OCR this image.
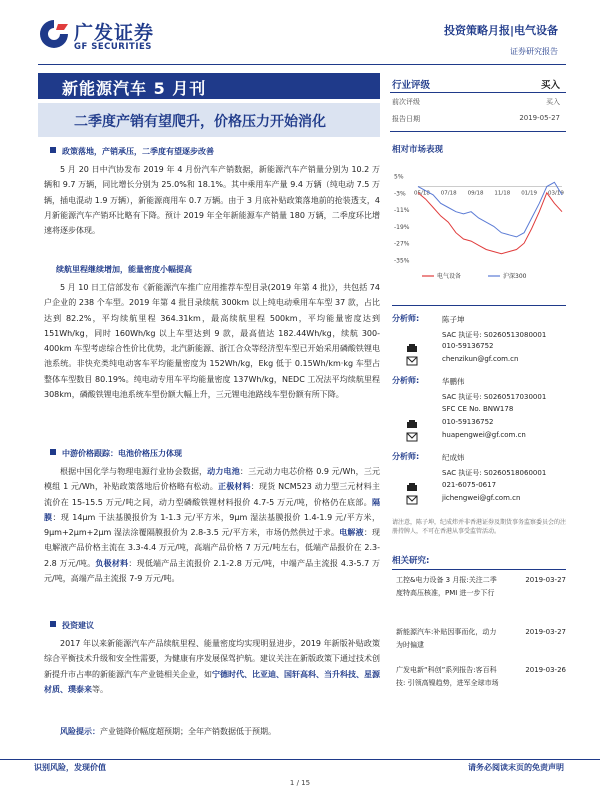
广发证券
GF SECURITIES
投资策略月报|电气设备
证券研究报告
新能源汽车 5 月刊
二季度产销有望爬升，价格压力开始消化
行业评级	买入
前次评级	买入
报告日期	2019-05-27
相对市场表现
5%
-3%
-11%
-19%
-27%
-35%
05/18 07/18 09/18 11/18 01/19 03/19
电气设备	沪深300
分析师:	陈子坤
SAC 执证号: S0260513080001
010-59136752
chenzikun@gf.com.cn
分析师:	华鹏伟
SAC 执证号: S0260517030001
SFC CE No. BNW178
010-59136752
huapengwei@gf.com.cn
分析师:	纪成炜
SAC 执证号: S0260518060001
021-6075-0617
jichengwei@gf.com.cn
请注意，陈子坤，纪成炜并非香港证券及期货事务监察委员会的注册持牌人，不可在香港从事受监管活动。
相关研究:
工控&电力设备 3 月报:关注二季度特高压核准，PMI 进一步下行
2019-03-27
新能源汽车:补贴因事而化，动力为时偏逮
2019-03-27
广发电新“科创”系列报告:客百科技: 引领高镍趋势，进军全球市场
2019-03-26
政策落地，产销承压，二季度有望逐步改善
5 月 20 日中汽协发布 2019 年 4 月份汽车产销数据，新能源汽车产销量分别为 10.2 万辆和 9.7 万辆，同比增长分别为 25.0%和 18.1%。其中乘用车产量 9.4 万辆（纯电动 7.5 万辆，插电混动 1.9 万辆），新能源商用车 0.7 万辆。由于 3 月底补贴政策落地前的抢装透支，4 月新能源汽车产销环比略有下降。预计 2019 年全年新能源车产销量 180 万辆，二季度环比增速将逐步体现。
续航里程继续增加，能量密度小幅提高
5 月 10 日工信部发布《新能源汽车推广应用推荐车型目录(2019 年第 4 批)》，共包括 74 户企业的 238 个车型。2019 年第 4 批目录续航 300km 以上纯电动乘用车车型 37 款，占比达到 82.2%，平均续航里程 364.31km，最高续航里程 500km，平均能量密度达到 151Wh/kg，同时 160Wh/kg 以上车型达到 9 款，最高值达 182.44Wh/kg，续航 300-400km 车型考虑综合性价比优势，北汽新能源、浙江合众等经济型车型已开始采用磷酸铁锂电池系统。非快充类纯电动客车平均能量密度为 152Wh/kg，Ekg 低于 0.15Wh/km·kg 车型占整体车型数目 80.19%。纯电动专用车平均能量密度 137Wh/kg，NEDC 工况法平均续航里程 308km，磷酸铁锂电池系统车型份额大幅上升，三元锂电池路线车型份额有所下降。
中游价格跟踪：电池价格压力体现
根据中国化学与物理电源行业协会数据，动力电池：三元动力电芯价格 0.9 元/Wh，三元模组 1 元/Wh，补贴政策落地后价格略有松动。正极材料：现货 NCM523 动力型三元材料主流价在 15-15.5 万元/吨之间，动力型磷酸铁锂材料报价 4.7-5 万元/吨，价格仍在底部。隔膜：现 14μm 干法基膜报价为 1-1.3 元/平方米，9μm 湿法基膜报价 1.4-1.9 元/平方米，9μm+2μm+2μm 湿法涂覆隔膜报价为 2.8-3.5 元/平方米，市场仍然供过于求。电解液：现电解液产品价格主流在 3.3-4.4 万元/吨，高端产品价格 7 万元/吨左右，低端产品报价在 2.3-2.8 万元/吨。负极材料：现低端产品主流报价 2.1-2.8 万元/吨，中端产品主流报 4.3-5.7 万元/吨，高端产品主流报 7-9 万元/吨。
投资建议
2017 年以来新能源汽车产品续航里程、能量密度均实现明显进步，2019 年新版补贴政策综合平衡技术升级和安全性需要，为健康有序发展保驾护航。建议关注在新版政策下通过技术创新提升市占率的新能源汽车产业链相关企业，如宁德时代、比亚迪、国轩高科、当升科技、星源材质、璞泰来等。
风险提示：产业链降价幅度超预期；全年产销数据低于预期。
识别风险，发现价值	请务必阅读末页的免责声明
1 / 15
